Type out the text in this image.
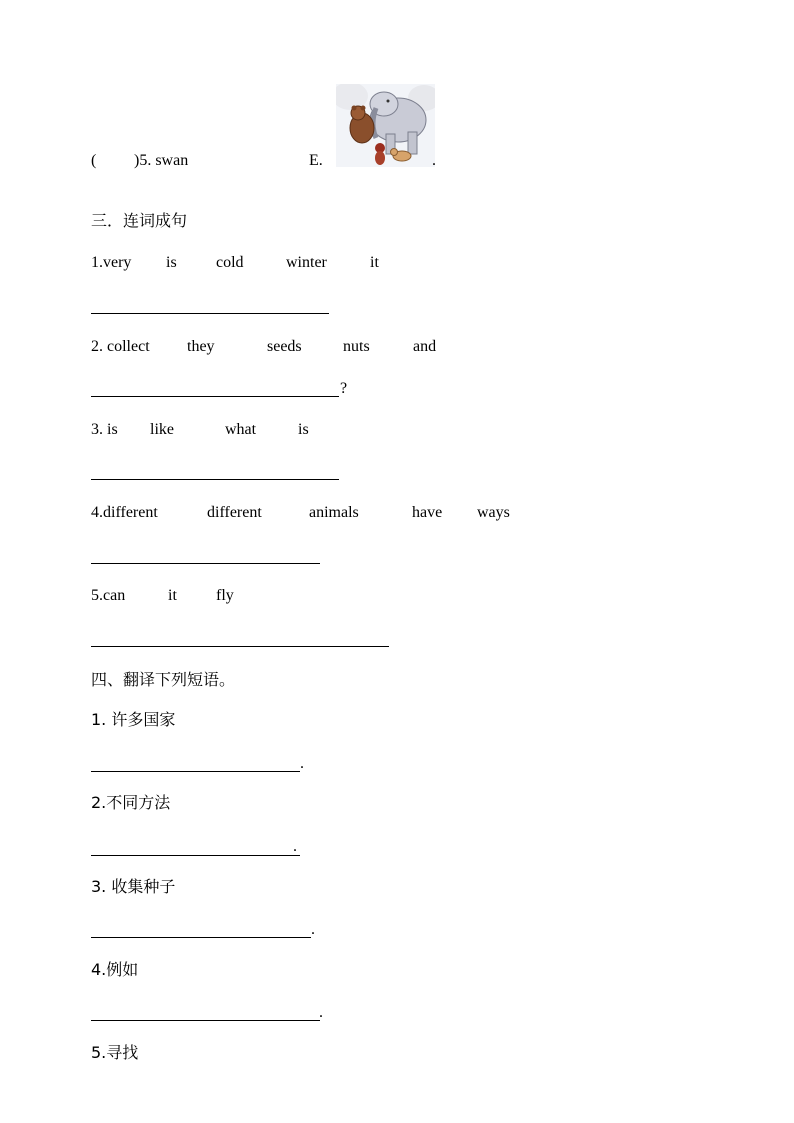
( )5. swan	E.	.
三．连词成句
1.very is cold	winter	it
2. collect they	seeds	nuts	and
?
3. is like	what	is
4.different	different	animals	have ways
5.can	it fly
四、翻译下列短语。
1. 许多国家
.
2.不同方法
.
3. 收集种子
.
4.例如
.
5.寻找
